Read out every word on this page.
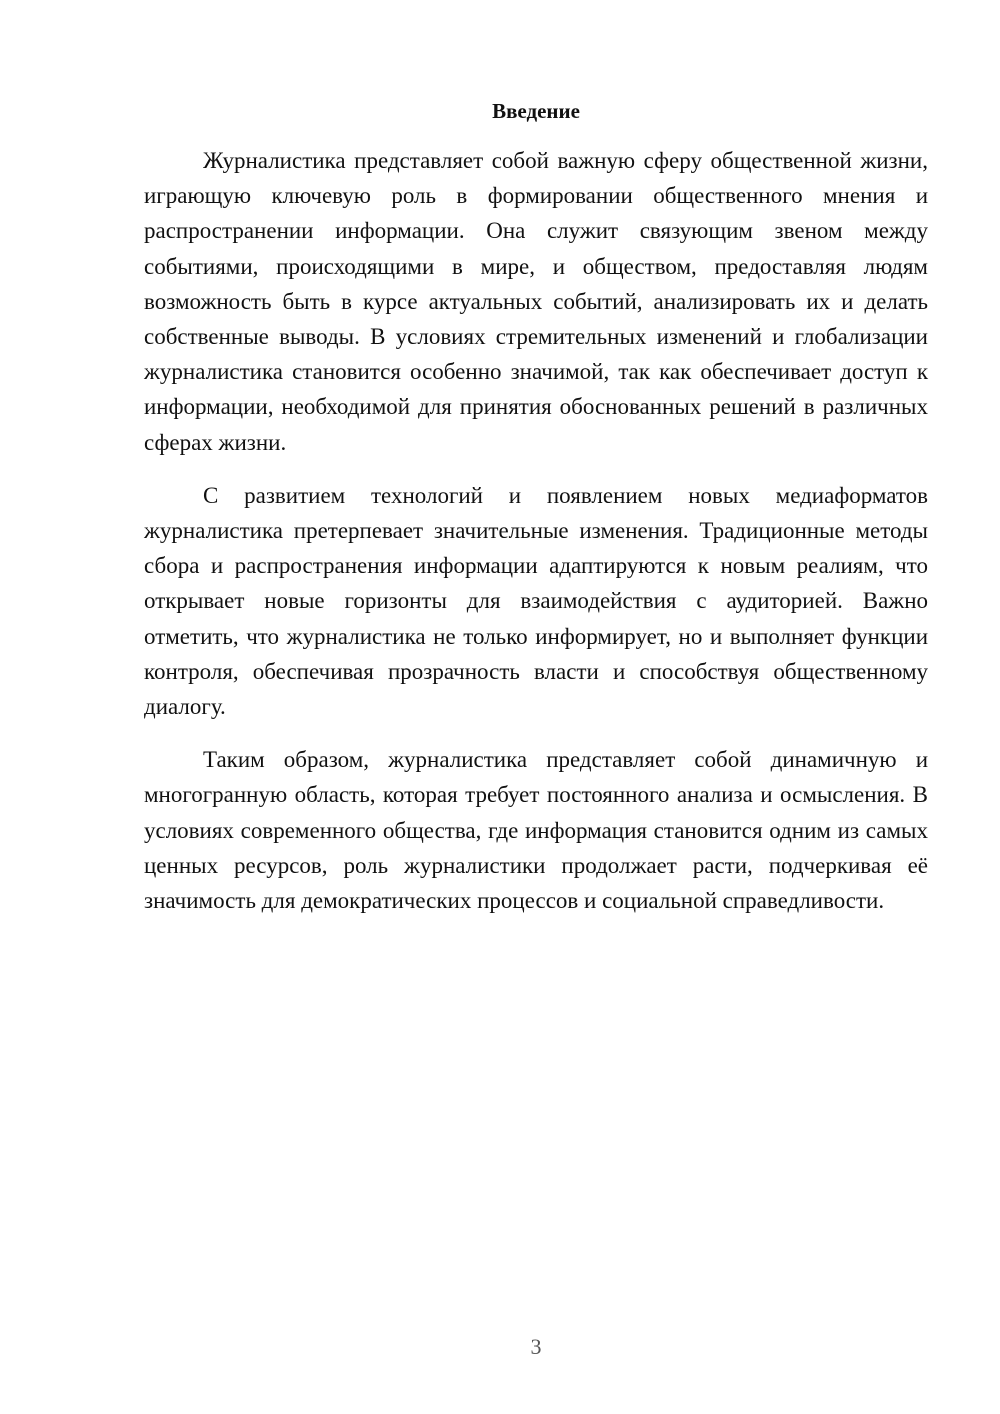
Введение

Журналистика представляет собой важную сферу общественной жизни, играющую ключевую роль в формировании общественного мнения и распространении информации. Она служит связующим звеном между событиями, происходящими в мире, и обществом, предоставляя людям возможность быть в курсе актуальных событий, анализировать их и делать собственные выводы. В условиях стремительных изменений и глобализации журналистика становится особенно значимой, так как обеспечивает доступ к информации, необходимой для принятия обоснованных решений в различных сферах жизни.

С развитием технологий и появлением новых медиаформатов журналистика претерпевает значительные изменения. Традиционные методы сбора и распространения информации адаптируются к новым реалиям, что открывает новые горизонты для взаимодействия с аудиторией. Важно отметить, что журналистика не только информирует, но и выполняет функции контроля, обеспечивая прозрачность власти и способствуя общественному диалогу.

Таким образом, журналистика представляет собой динамичную и многогранную область, которая требует постоянного анализа и осмысления. В условиях современного общества, где информация становится одним из самых ценных ресурсов, роль журналистики продолжает расти, подчеркивая её значимость для демократических процессов и социальной справедливости.

3
